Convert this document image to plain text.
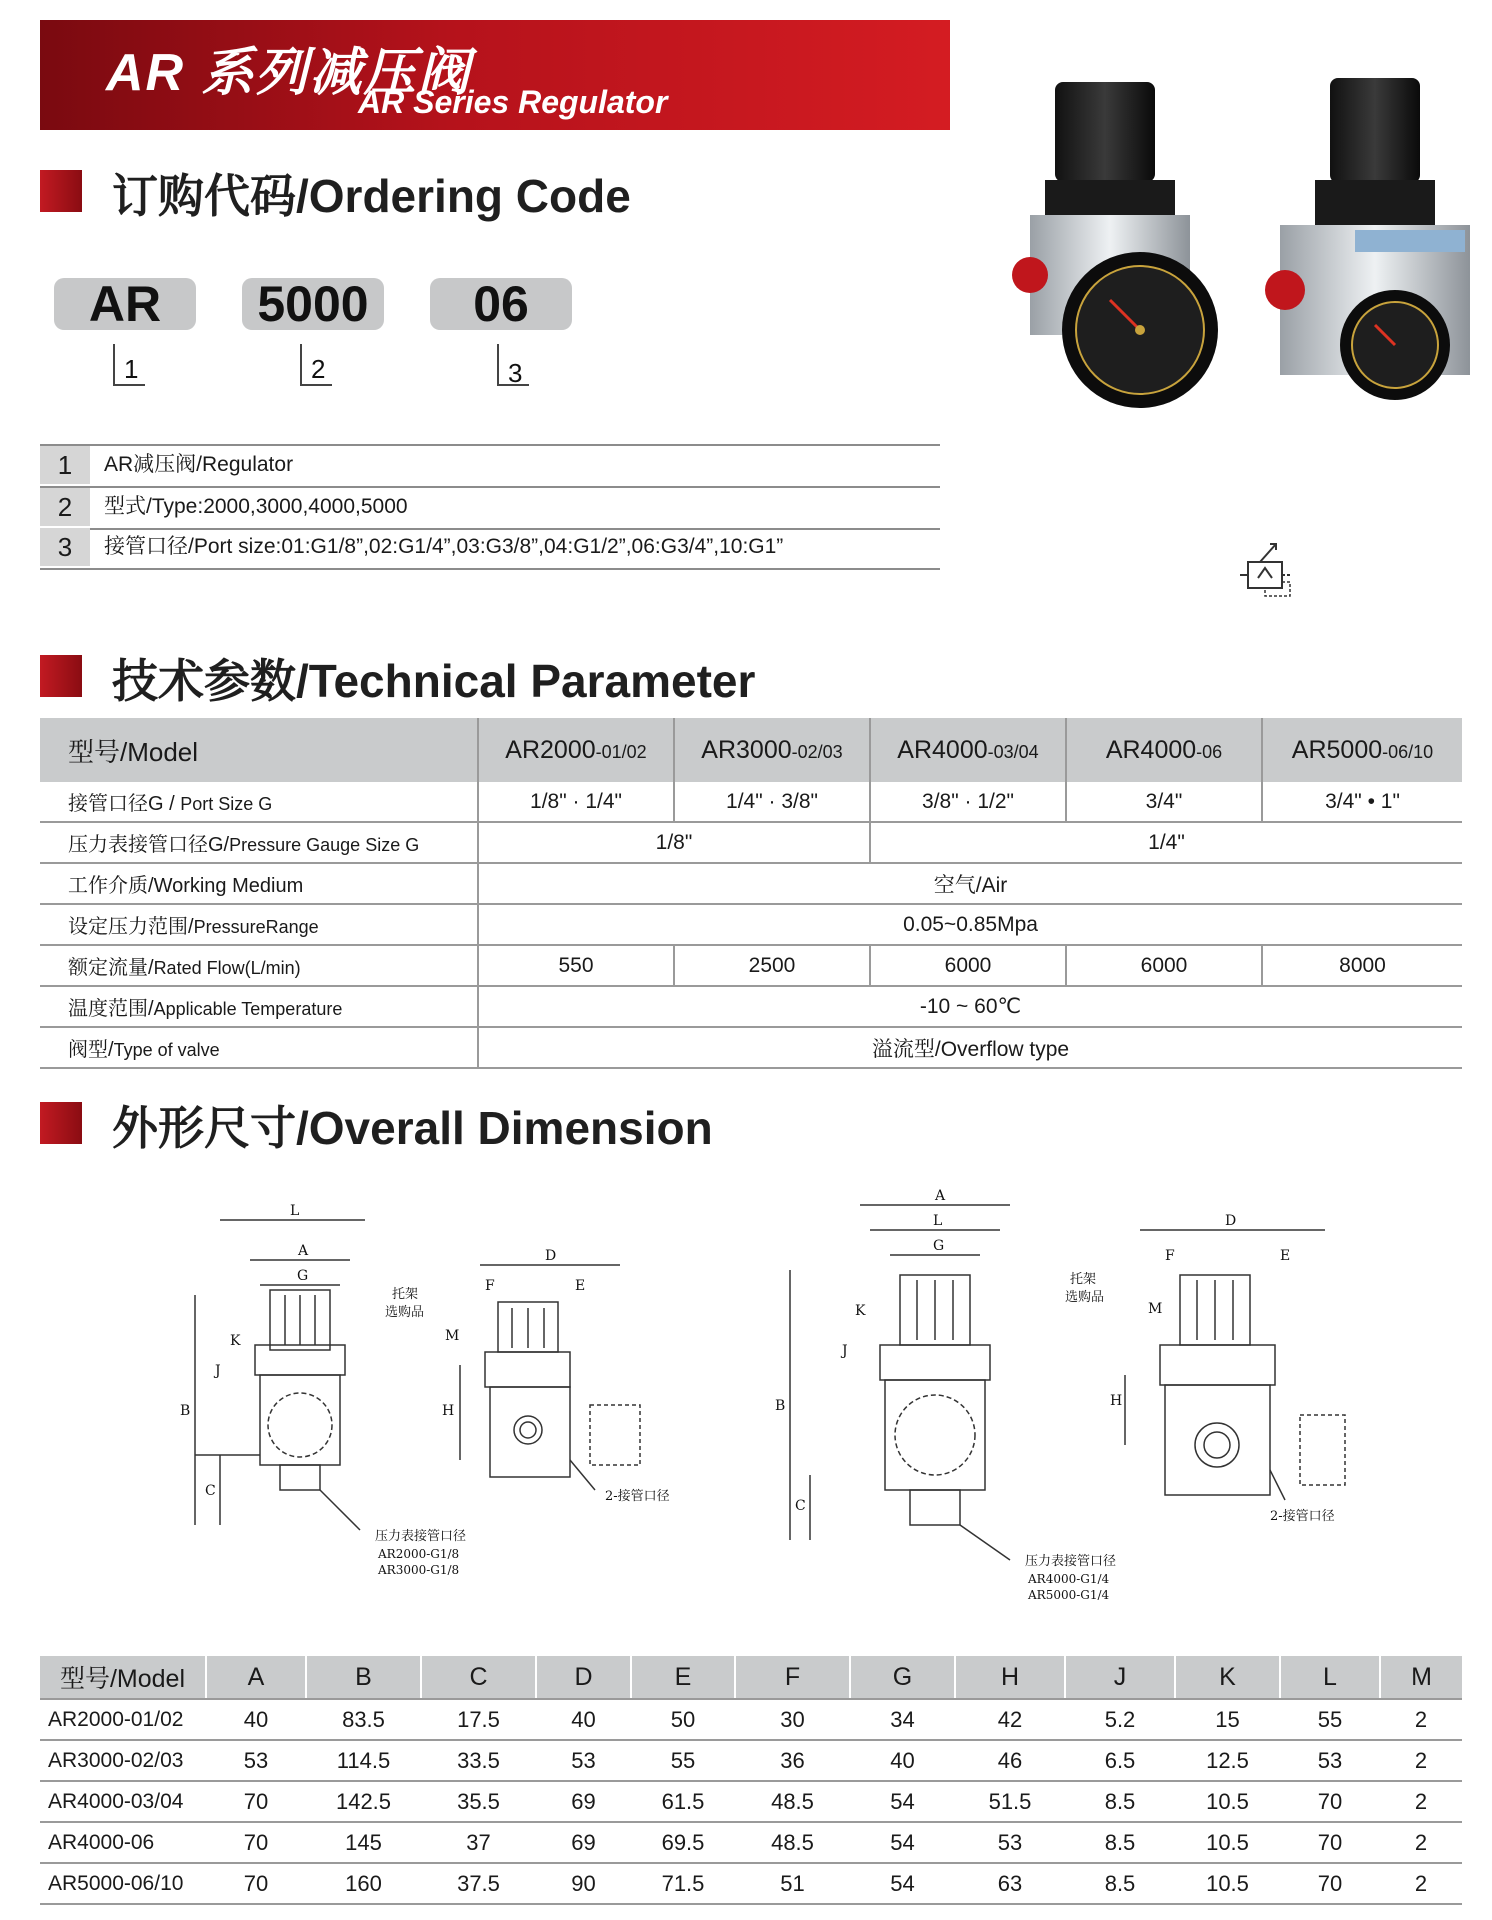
AR 系列减压阀
AR Series Regulator
订购代码/Ordering Code
AR	5000	06
1	2	3
1	AR减压阀/Regulator
2	型式/Type:2000,3000,4000,5000
3	接管口径/Port size:01:G1/8”,02:G1/4”,03:G3/8”,04:G1/2”,06:G3/4”,10:G1”
技术参数/Technical Parameter
型号/Model	AR2000-01/02	AR3000-02/03	AR4000-03/04	AR4000-06	AR5000-06/10
接管口径G / Port Size G	1/8" · 1/4"	1/4" · 3/8"	3/8" · 1/2"	3/4"	3/4" • 1"
压力表接管口径G/Pressure Gauge Size G	1/8"		1/4"		
工作介质/Working Medium	空气/Air				
设定压力范围/PressureRange	0.05~0.85Mpa				
额定流量/Rated Flow(L/min)	550	2500	6000	6000	8000
温度范围/Applicable Temperature	-10 ~ 60℃				
阀型/Type of valve	溢流型/Overflow type				
外形尺寸/Overall Dimension
L
A
G
B
C
K
J
压力表接管口径
AR2000-G1/8
AR3000-G1/8
D
F	E
托架
选购品
M
H
2-接管口径
A
L
G
B
C
K
J
压力表接管口径
AR4000-G1/4
AR5000-G1/4
D
F	E
托架
选购品
M
H
2-接管口径
型号/Model	A	B	C	D	E	F	G	H	J	K	L	M
AR2000-01/02	40	83.5	17.5	40	50	30	34	42	5.2	15	55	2
AR3000-02/03	53	114.5	33.5	53	55	36	40	46	6.5	12.5	53	2
AR4000-03/04	70	142.5	35.5	69	61.5	48.5	54	51.5	8.5	10.5	70	2
AR4000-06	70	145	37	69	69.5	48.5	54	53	8.5	10.5	70	2
AR5000-06/10	70	160	37.5	90	71.5	51	54	63	8.5	10.5	70	2
